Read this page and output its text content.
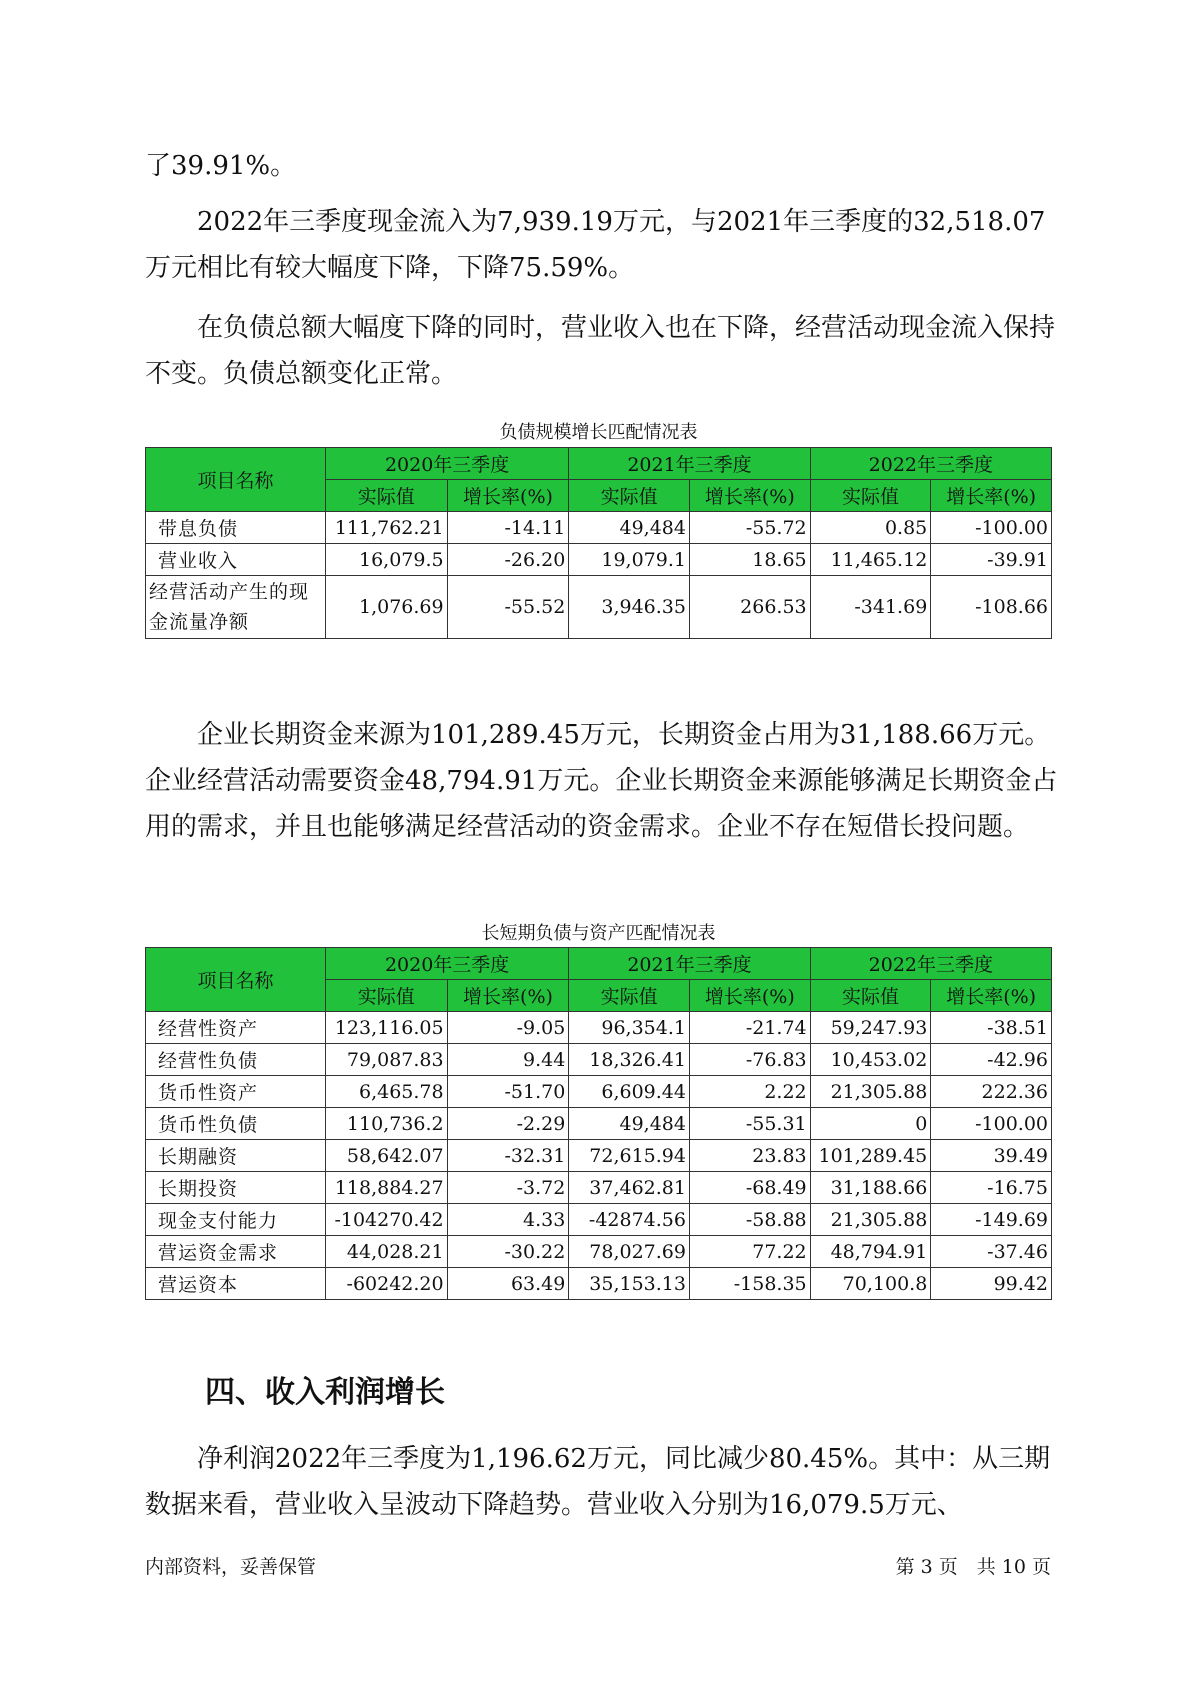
了39.91%。

2022年三季度现金流入为7,939.19万元，与2021年三季度的32,518.07万元相比有较大幅度下降，下降75.59%。

在负债总额大幅度下降的同时，营业收入也在下降，经营活动现金流入保持不变。负债总额变化正常。

负债规模增长匹配情况表
项目名称	2020年三季度		2021年三季度		2022年三季度	
	实际值	增长率(%)	实际值	增长率(%)	实际值	增长率(%)
带息负债	111,762.21	-14.11	49,484	-55.72	0.85	-100.00
营业收入	16,079.5	-26.20	19,079.1	18.65	11,465.12	-39.91
经营活动产生的现金流量净额	1,076.69	-55.52	3,946.35	266.53	-341.69	-108.66

企业长期资金来源为101,289.45万元，长期资金占用为31,188.66万元。企业经营活动需要资金48,794.91万元。企业长期资金来源能够满足长期资金占用的需求，并且也能够满足经营活动的资金需求。企业不存在短借长投问题。

长短期负债与资产匹配情况表
项目名称	2020年三季度		2021年三季度		2022年三季度	
	实际值	增长率(%)	实际值	增长率(%)	实际值	增长率(%)
经营性资产	123,116.05	-9.05	96,354.1	-21.74	59,247.93	-38.51
经营性负债	79,087.83	9.44	18,326.41	-76.83	10,453.02	-42.96
货币性资产	6,465.78	-51.70	6,609.44	2.22	21,305.88	222.36
货币性负债	110,736.2	-2.29	49,484	-55.31	0	-100.00
长期融资	58,642.07	-32.31	72,615.94	23.83	101,289.45	39.49
长期投资	118,884.27	-3.72	37,462.81	-68.49	31,188.66	-16.75
现金支付能力	-104270.42	4.33	-42874.56	-58.88	21,305.88	-149.69
营运资金需求	44,028.21	-30.22	78,027.69	77.22	48,794.91	-37.46
营运资本	-60242.20	63.49	35,153.13	-158.35	70,100.8	99.42
四、收入利润增长

净利润2022年三季度为1,196.62万元，同比减少80.45%。其中：从三期数据来看，营业收入呈波动下降趋势。营业收入分别为16,079.5万元、

内部资料，妥善保管	第 3 页　共 10 页
